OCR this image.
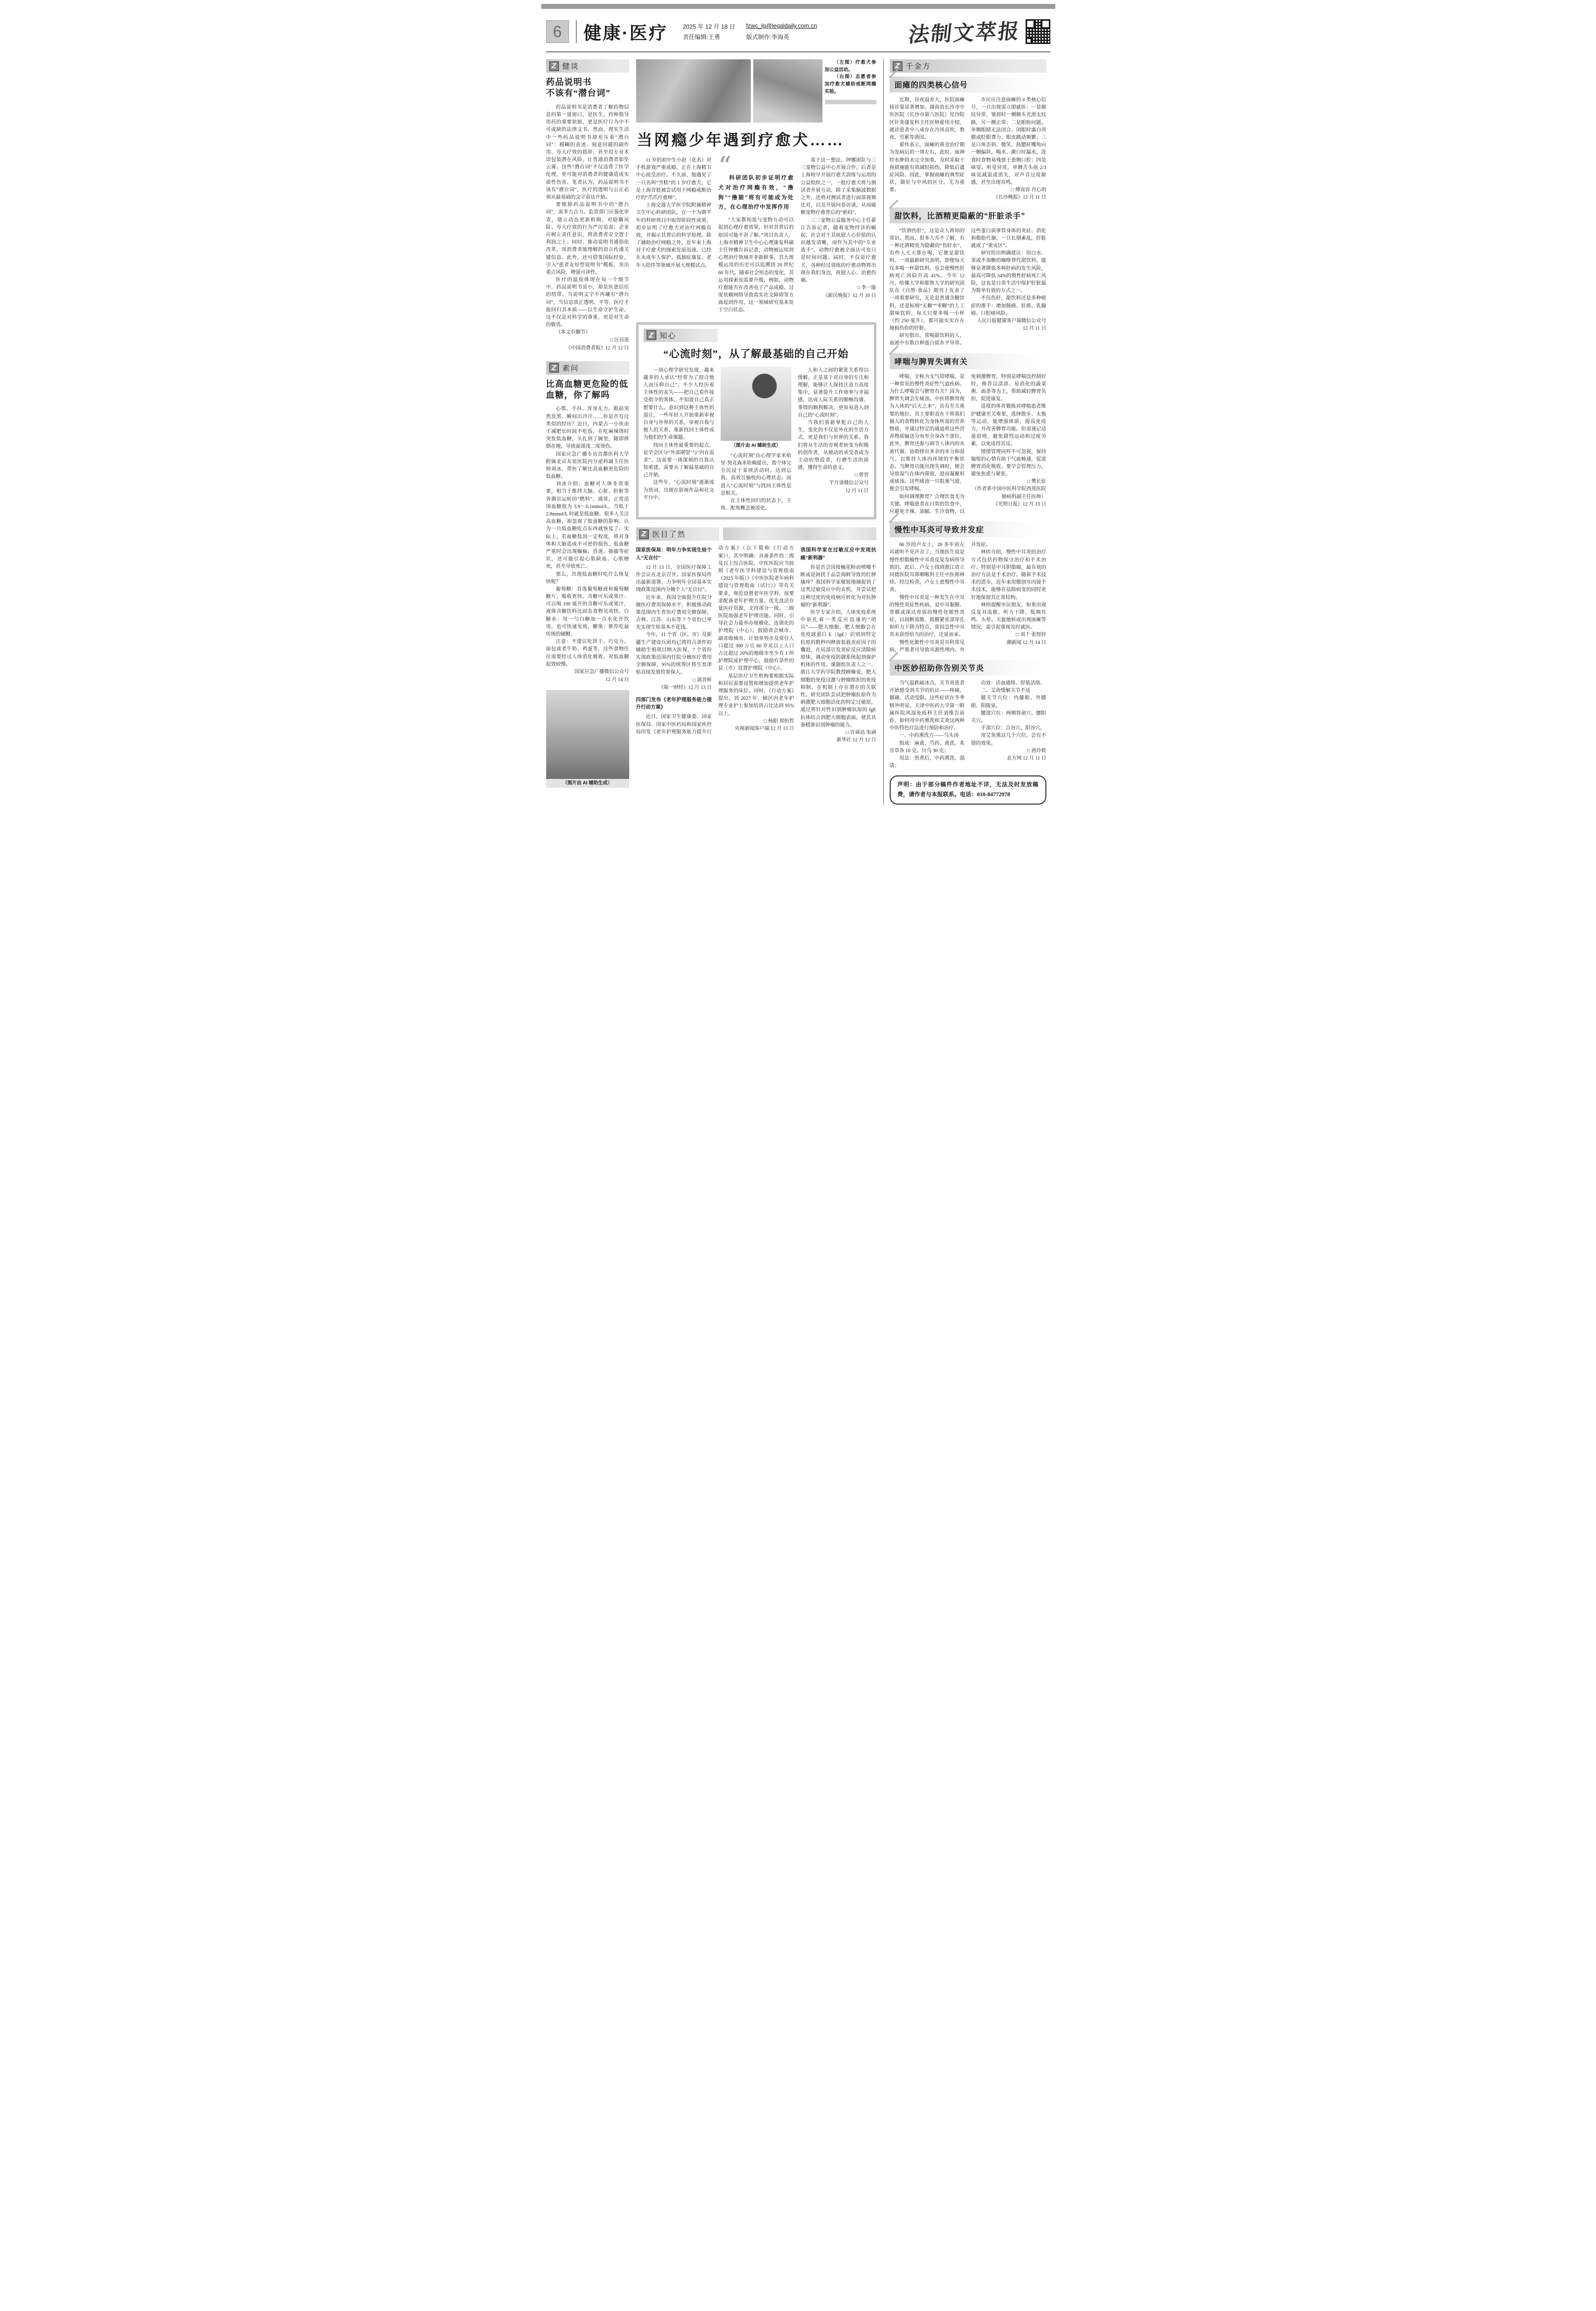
6	健康·医疗	2025 年 12 月 18 日 fzwc_lg@legaldaily.com.cn
责任编辑:王勇	版式制作:李海英	法制文萃报
Z 健谈
药品说明书
不该有“潜台词”

药品说明书是消费者了解药物信息的第一道窗口，是医生、药师指导用药的重要依据，更是医疗行为中不可或缺的法律文书。然而，现实生活中一些药品说明书却充斥着“潜台词”：模糊的表述、刻意回避的副作用、夸大疗效的措辞，甚至用专业术语包装潜在风险，让普通消费者如坠云雾。这些“潜台词”不仅违背了医学伦理，更可能对消费者的健康造成实质性伤害。笔者认为，药品说明书不该有“潜台词”，医疗的透明与公正必须从最基础的文字表达开始。

要根除药品说明书中的“潜台词”，需多方合力。监管部门应强化审查，建立动态更新机制，对隐瞒风险、夸大疗效的行为严厉追责；企业应树立责任意识，将消费者安全置于利润之上；同时，推动说明书通俗化改革，用消费者能理解的语言传递关键信息。此外，还可借鉴国际经验，引入“患者友好型说明书”模板，突出重点风险，增强可读性。

医疗的温度体现在每一个细节中。药品说明书虽小，却是医患信任的纽带。当说明文字不再藏有“潜台词”，当信息真正透明、平等，医疗才能回归其本质——以生命守护生命。这不仅是对科学的尊重，更是对生命的敬畏。

（本文有删节）

□ 汪昌莲

《中国消费者报》12 月 12 日

Z 素问
比高血糖更危险的低血糖，你了解吗

心慌、手抖、浑身无力，眼前突然发黑、瞬间出冷汗……你是否有过类似的经历？近日，内蒙古一小伙由于减肥长时间不吃饭，在吃麻辣烫时突发低血糖，头扎到了碗里，随即摔倒在地，导致面部浅二度烫伤。

国家应急广播专访首都医科大学附属北京友谊医院内分泌科副主任医师刘冰，带你了解比高血糖更危险的低血糖。

刘冰介绍，血糖对人体非常重要，相当于维持大脑、心脏、肝脏等各器官运转的“燃料”。通常，正常范围血糖值为 3.9～6.1mmol/L，当低于 2.8mmol/L 时就是低血糖。很多人关注高血糖，却忽视了低血糖的影响，认为一旦低血糖吃点东西就恢复了。实际上，若血糖低到一定程度，将对身体和大脑造成不可逆的损伤，低血糖严重时会出现癫痫、昏迷、抽搐等症状，还可能引起心肌缺血、心肌梗死，甚至导致死亡。

那么，出现低血糖时吃什么恢复快呢？

葡萄糖：首选葡萄糖液和葡萄糖糖片，吸收更快。含糖可乐或果汁：可以喝 100 毫升的含糖可乐或果汁，液体含糖饮料比固态食物见效快。白糖水：用一勺白糖加一点水化开饮用，也可快速见效。糖果：推荐吃最传统的硬糖。

注意：不建议吃饼干、巧克力、面包或者牛奶、鸡蛋等，这些食物往往需要经过人体消化吸收，对低血糖起效较慢。

国家应急广播微信公众号

12 月 14 日

（图片由 AI 辅助生成）

（左图）疗愈犬参加公益活动。

（右图）志愿者参加疗愈犬辅助戒断网瘾实验。

当网瘾少年遇到疗愈犬……

11 岁的初中生小赵（化名）对手机游戏严重成瘾，正在上海精卫中心接受治疗。不久前，他遇见了一只名叫“雪糕”的 1 岁疗愈犬，它是上海首批被尝试用于网瘾戒断治疗的“爪爪疗愈师”。

上海交通大学医学院附属精神卫生中心科研团队，在一个为期半年的科研项目中取得阶段性成果，初步证明了疗愈犬对治疗网瘾有效，并揭示其背后的科学原理。除了辅助治疗网瘾之外，近年来上海对于疗愈犬的探索发展迅速，已经在未成年人保护、孤独症康复、老年人陪伴等领域开展大规模试点。

“
科研团队初步证明疗愈犬对治疗网瘾有效，“撸狗”“撸猫”将有可能成为处方，在心理治疗中发挥作用

“大家都知道与宠物互动可以起到心理疗愈效果，但对其背后的原因可能不甚了解。”项目负责人，上海市精神卫生中心心理康复科副主任钟娜告诉记者，动物被运用到心理治疗领域并非新鲜事，其大规模运用的历史可以追溯到 20 世纪 60 年代。随着社会形态的变化，其运用探索也需要升级，例如，动物疗愈能否在改善电子产品成瘾、过度依赖网络导致真实社交障碍等方面起到作用，这一领域研究基本处于空白状态。

基于这一想法，钟娜团队与三三宠物公益中心开展合作，后者是上海较早开展疗愈犬训练与运用的公益组织之一，一批疗愈犬将与测试者开展互动，除了采集脑波数据之外，还将对测试者进行面部视频比对，以及开展问卷访谈，从而破解宠物疗愈背后的“密码”。

三三宠物公益服务中心主任翟江告诉记者，随着宠物经济的崛起，社会对于其抚慰人心价值的认识越发清晰，而作为其中的“专业选手”，动物疗愈被全面认可也只是时间问题。届时，不仅是疗愈犬，各种经过训练的疗愈动物将出现在我们身边，抚慰人心、治愈伤痛。

□ 李一能

《新民晚报》12 月 10 日

Z 知心
“心流时刻”，从了解最基础的自己开始

一项心理学研究发现，越来越多的人承认“经常为了迎合他人而压抑自己”。不少人经历着主体性的丧失——把自己看作接受指令的客体，不知道自己真正想要什么。意识到这种主体性的退让，一些年轻人开始重新审视自身与外界的关系，审视自我与他人的关系，重新找回主体性成为他们的生命课题。

找回主体性最重要的起点，是学会区分“外部期望”与“内在需求”。这需要一场深刻的自我认知重建，需要从了解最基础的自己开始。

这些年，“心流时刻”逐渐成为热词，出现在影视作品和社交平台中。

（图片由 AI 辅助生成）

“心流时刻”由心理学家米哈里·契克森米哈赖提出，指个体完全沉浸于某项活动时，达到忘我、高效且愉悦的心理状态。而进入“心流时刻”与找回主体性息息相关。

在主体性回归的状态下，主角、配角概念被淡化，

人和人之间的紧张关系得以缓解。正是基于对自身的专注和理解，能够让人保持注意力高度集中，显著提升工作效率与幸福感，达成人际关系的顺畅沟通、事情的顺利解决，更容易进入到自己的“心流时刻”。

当我们重新掌舵自己的人生，变化的不仅是外在的生活方式，更是我们与世界的关系。我们将从生活的旁观者转变为积极的创作者，从被动的承受者成为主动的塑造者，打磨生活的质感，懂得生命的意义。

□ 曾晋

半月谈微信公众号

12 月 11 日

Z 医目了然

国家医保局：明年力争实现生娃个人“无自付”

12 月 13 日，全国医疗保障工作会议在北京召开。国家医保局作出最新部署，力争明年全国基本实现政策范围内分娩个人“无自付”。

近年来，我国全面提升住院分娩医疗费用保障水平，积极推动政策范围内生育医疗费用全额保障，吉林、江苏、山东等 7 个省份已率先实现生娃基本不花钱。

今年，31 个省（区、市）及新疆生产建设兵团均已将符合条件的辅助生殖项目纳入医保，7 个省份实现政策范围内住院分娩医疗费用全额保障，95%的统筹区将生育津贴直接发放给参保人。

□ 郭晋晖

《第一财经》12 月 13 日

四部门发布《老年护理服务能力提升行动方案》

近日，国家卫生健康委、国家医保局、国家中医药局和国家疾控局印发《老年护理服务能力提升行动方案》（以下简称《行动方案》），其中明确：具备条件的二级及以上综合医院、中医医院应当按照《老年医学科建设与管理指南（2025 年版）》《中医医院老年病科建设与管理指南（试行）》等有关要求，规范设置老年医学科，按要求配备老年护理力量。优先盘活存量医疗资源，支持部分一级、二级医院加强老年护理功能。同时，引导社会力量举办规模化、连锁化的护理院（中心）。鼓励省会城市、副省级城市、计划单列市及常住人口超过 300 万且 60 岁及以上人口占比超过 20%的地级市至少有 1 所护理院或护理中心，鼓励有条件的县（市）设置护理院（中心）。

基层医疗卫生机构要根据实际和居民需要设置和增加提供老年护理服务的床位。同时，《行动方案》提出，到 2027 年，辖区内老年护理专业护士参加培训占比达到 95%以上。

□ 杨阳 郑怡哲

央视新闻客户端 12 月 13 日

我国科学家在过敏反应中发现抗癌“新利器”

你是否会因接触花粉而喷嚏不断或是困扰于品尝海鲜导致的红肿瘙痒？我国科学家敏锐地捕捉到了这类过敏反应中的玄机，并尝试把这种过度的免疫响应转化为对抗肿瘤的“新利器”。

医学专家介绍，人体免疫系统中驻扎着一类反应迅速的“哨兵”——肥大细胞。肥大细胞会在免疫球蛋白 E（IgE）识别到特定抗原的数秒内释放装载炎症因子的囊泡，在局部引发炎症反应清除病原体，调动免疫防御系统起到保护机体的作用。课题组负责人之一、浙江大学药学院教授顾臻说，肥大细胞的免疫过激与肿瘤组织的免疫抑制，在机制上存在潜在的关联性。研究团队尝试把肿瘤抗原作为刺激肥大细胞活化的特定过敏原，通过将针对性识别肿瘤抗原的 IgE 抗体结合到肥大细胞表面，使其具备精准识别肿瘤的能力。

□ 许舜达 朱涵

新华社 12 月 12 日

Z 千金方
面瘫的四类核心信号

近期，昼夜温差大，医院面瘫接诊量显著增加。湖南省长沙市中医医院（长沙市第八医院）星沙院区针灸康复科主任医师翟伟介绍，就诊患者中八成存在冷风直吹、熬夜、劳累等诱因。

翟伟表示，面瘫的黄金治疗期为发病后的一周左右，此时，面神经水肿尚未完全加重，及时采取干预措施能有效减轻损伤，降低后遗症风险。因此，掌握面瘫的典型症状，做好与中风的区分，尤为重要。

市民应注意面瘫的 4 类核心信号，一旦出现需立即就医：一是额纹异常，皱眉时一侧额头光滑无纹路，另一侧正常；二是眼睑问题，单侧眼睛无法闭合、闭眼时露白巩膜或眨眼费力、眼皮跳动频繁；三是口角歪斜，微笑、鼓腮时嘴角向一侧偏斜，喝水、漱口时漏水，进食时食物易残留于患侧口腔；四是味觉、听觉异常，单侧舌头前 2/3 味觉减退或消失，对声音过度敏感，甚至出现耳鸣。

□ 傅容容 肖心玥

《长沙晚报》12 月 11 日

甜饮料，比酒精更隐蔽的“肝脏杀手”

“饮酒伤肝”，这是众人皆知的常识。然而，很多人并不了解，有一种比酒精更为隐蔽的“伤肝水”，有些人天天都在喝，它便是甜饮料。一项最新研究表明，即便每天仅多喝一杯甜饮料，也会使慢性肝病死亡风险升高 41%。今年 12 月，哈佛大学和耶鲁大学的研究团队在《自然·食品》期刊上发表了一项重要研究，无论是普通含糖饮料，还是标榜“无糖”“零糖”的人工甜味饮料，每天只要多喝一小杯（约 250 毫升），都可能实实在在地损伤你的肝脏。

研究指出，常喝甜饮料的人，血液中有数百种蛋白质水平异常。这些蛋白质掌管身体的炎症、消化和脂肪代谢，一旦长期紊乱，肝脏就成了“重灾区”。

研究给出明确建议：用白水、茶或不加糖的咖啡替代甜饮料，能够显著降低多种肝病的发生风险，最高可降低 34%的慢性肝病死亡风险，这也是日常生活中保护肝脏最为简单有效的方式之一。

不仅伤肝，甜饮料还是多种癌症的推手：增加肠癌、肝癌、乳腺癌、口腔癌风险。

人民日报健康客户端微信公众号

12 月 11 日

哮喘与脾胃失调有关

哮喘，全称为支气管哮喘，是一种常见的慢性炎症性气道疾病。为什么哮喘会与脾胃有关？因为，脾胃失调会生痰浊。中医将脾胃视为人体的“后天之本”，具有至关重要的地位。其主要职责在于将我们摄入的食物转化为身体所需的营养物质，并通过特定的通道将这些营养物质输送分布至全身各个部位。此外，脾胃还参与调节人体内的水液代谢，协助排出多余的水分和湿气，以维持人体内环境的平衡状态。当脾胃功能出现失调时，便会导致湿气在体内滞留，进而凝聚形成痰浊。这些痰浊一旦阻塞气道，便会引发哮喘。

如何调理脾胃？合理饮食尤为关键。哮喘患者在日常的饮食中，应避免辛辣、油腻、生冷食物，以免刺激脾胃，特别是哮喘没控制好时，推荐以清淡、易消化的蔬菜粥、面条等为主，帮助减轻脾胃负担，促进康复。

适度的体育锻炼对哮喘患者维护健康至关重要，选择散步、太极等运动，能增强体质，提高免疫力，并改善脾胃功能。但需谨记适量原则，避免剧烈运动和过度劳累，以免适得其反。

情绪管理同样不可忽视，保持愉悦的心情有助于气血畅通，促进脾胃消化吸收。要学会管理压力，避免焦虑与紧张。

□ 樊长征

（作者系中国中医科学院西苑医院肺病科副主任医师）

《光明日报》12 月 13 日

慢性中耳炎可导致并发症

66 岁的卢女士，20 多年前左耳就听不见声音了，当地医生说是慢性胆脂瘤性中耳炎反复发病所导致的。此后，卢女士找到浙江省立同德医院耳鼻咽喉科主任中医师林炜。经过检查，卢女士患慢性中耳炎。

慢性中耳炎是一种发生在中耳的慢性炎症性疾病，是中耳黏膜、骨膜或深达骨质的慢性化脓性炎症，以间断流脓、鼓膜紧张部穿孔和听力下降为特点，常因急性中耳炎未获得恰当的治疗，迁延而来。

慢性化脓性中耳炎是耳科常见病，严重者可导致耳源性颅内、外并发症。

林炜介绍，慢性中耳炎的治疗方式包括药物保守治疗和手术治疗。特别是中耳胆脂瘤，最有效的治疗方法是手术治疗。随着手术技术的进步，近年来用微创耳内镜手术技术，能够在祛除病变的同时更好地保留其正常结构。

林炜提醒市民朋友，如果出现反复耳流脓、听力下降、低频耳鸣、头晕、天旋地转或出现面瘫等情况，需引起重视及时就医。

□ 刘千 张煜锌

潮新闻 12 月 14 日

中医妙招助你告别关节炎

当气温跌破冰点，关节炎患者开始感受到关节的抗议——疼痛、僵硬、活动受限，这些症状在冬季格外明显。天津中医药大学第一附属医院风湿免疫科主任刘维告诉你，如何用中药熏洗和艾灸这两种中医特色疗法进行预防和治疗。

一、中药熏洗方——乌头汤

组成：麻黄、芍药、黄芪、炙甘草各 10 克、川乌 30 克；

用法：煎煮后，中药熏洗、溻渍；

功效：活血通络、舒筋活络。

二、艾灸缓解关节不适

膝关节穴位：内膝眼、外膝眼、阳陵泉。

腰部穴位：两侧肾俞穴、腰阳关穴。

手部穴位：合谷穴、阳谷穴。

用艾灸熏这几个穴位，会有不错的效果。

□ 唐玲莉

北方网 12 月 11 日

声明：由于部分稿件作者地址不详，无法及时发放稿费，请作者与本报联系。电话：010-84772978
